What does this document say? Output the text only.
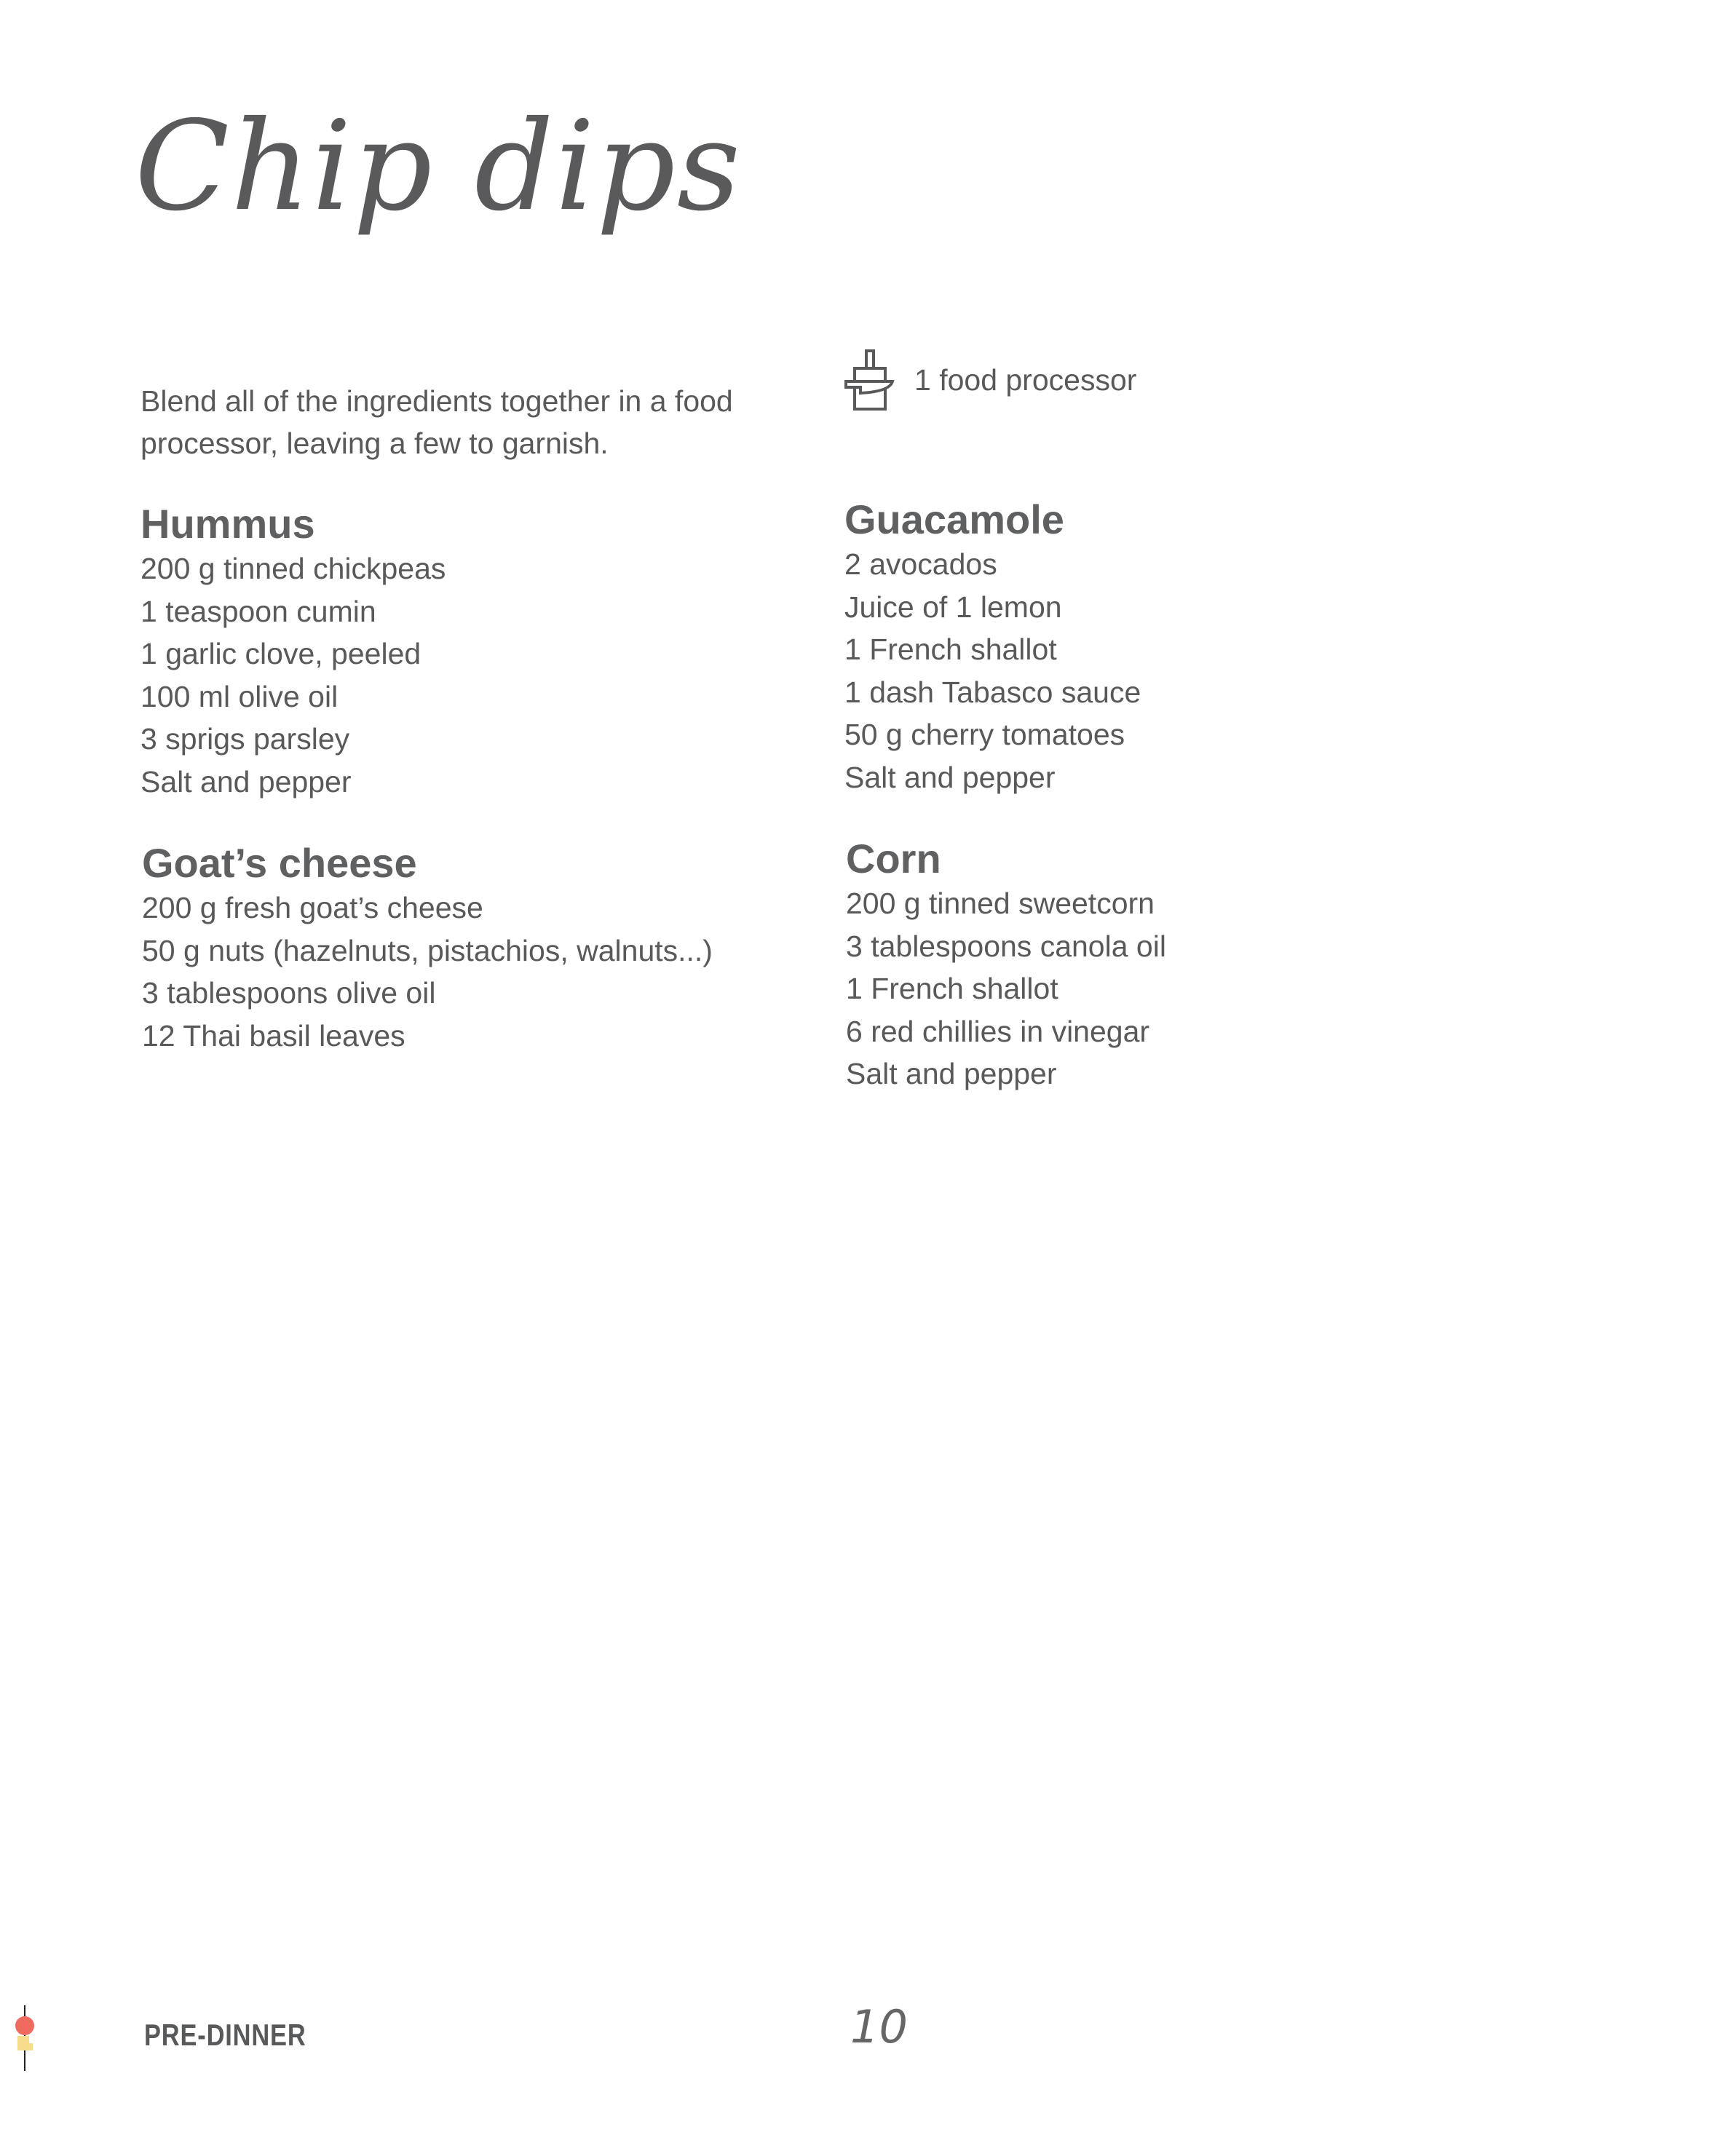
Chip dips
Blend all of the ingredients together in a food processor, leaving a few to garnish.
1 food processor
Hummus
200 g tinned chickpeas
1 teaspoon cumin
1 garlic clove, peeled
100 ml olive oil
3 sprigs parsley
Salt and pepper
Goat’s cheese
200 g fresh goat’s cheese
50 g nuts (hazelnuts, pistachios, walnuts...)
3 tablespoons olive oil
12 Thai basil leaves
Guacamole
2 avocados
Juice of 1 lemon
1 French shallot
1 dash Tabasco sauce
50 g cherry tomatoes
Salt and pepper
Corn
200 g tinned sweetcorn
3 tablespoons canola oil
1 French shallot
6 red chillies in vinegar
Salt and pepper
PRE-DINNER	10
